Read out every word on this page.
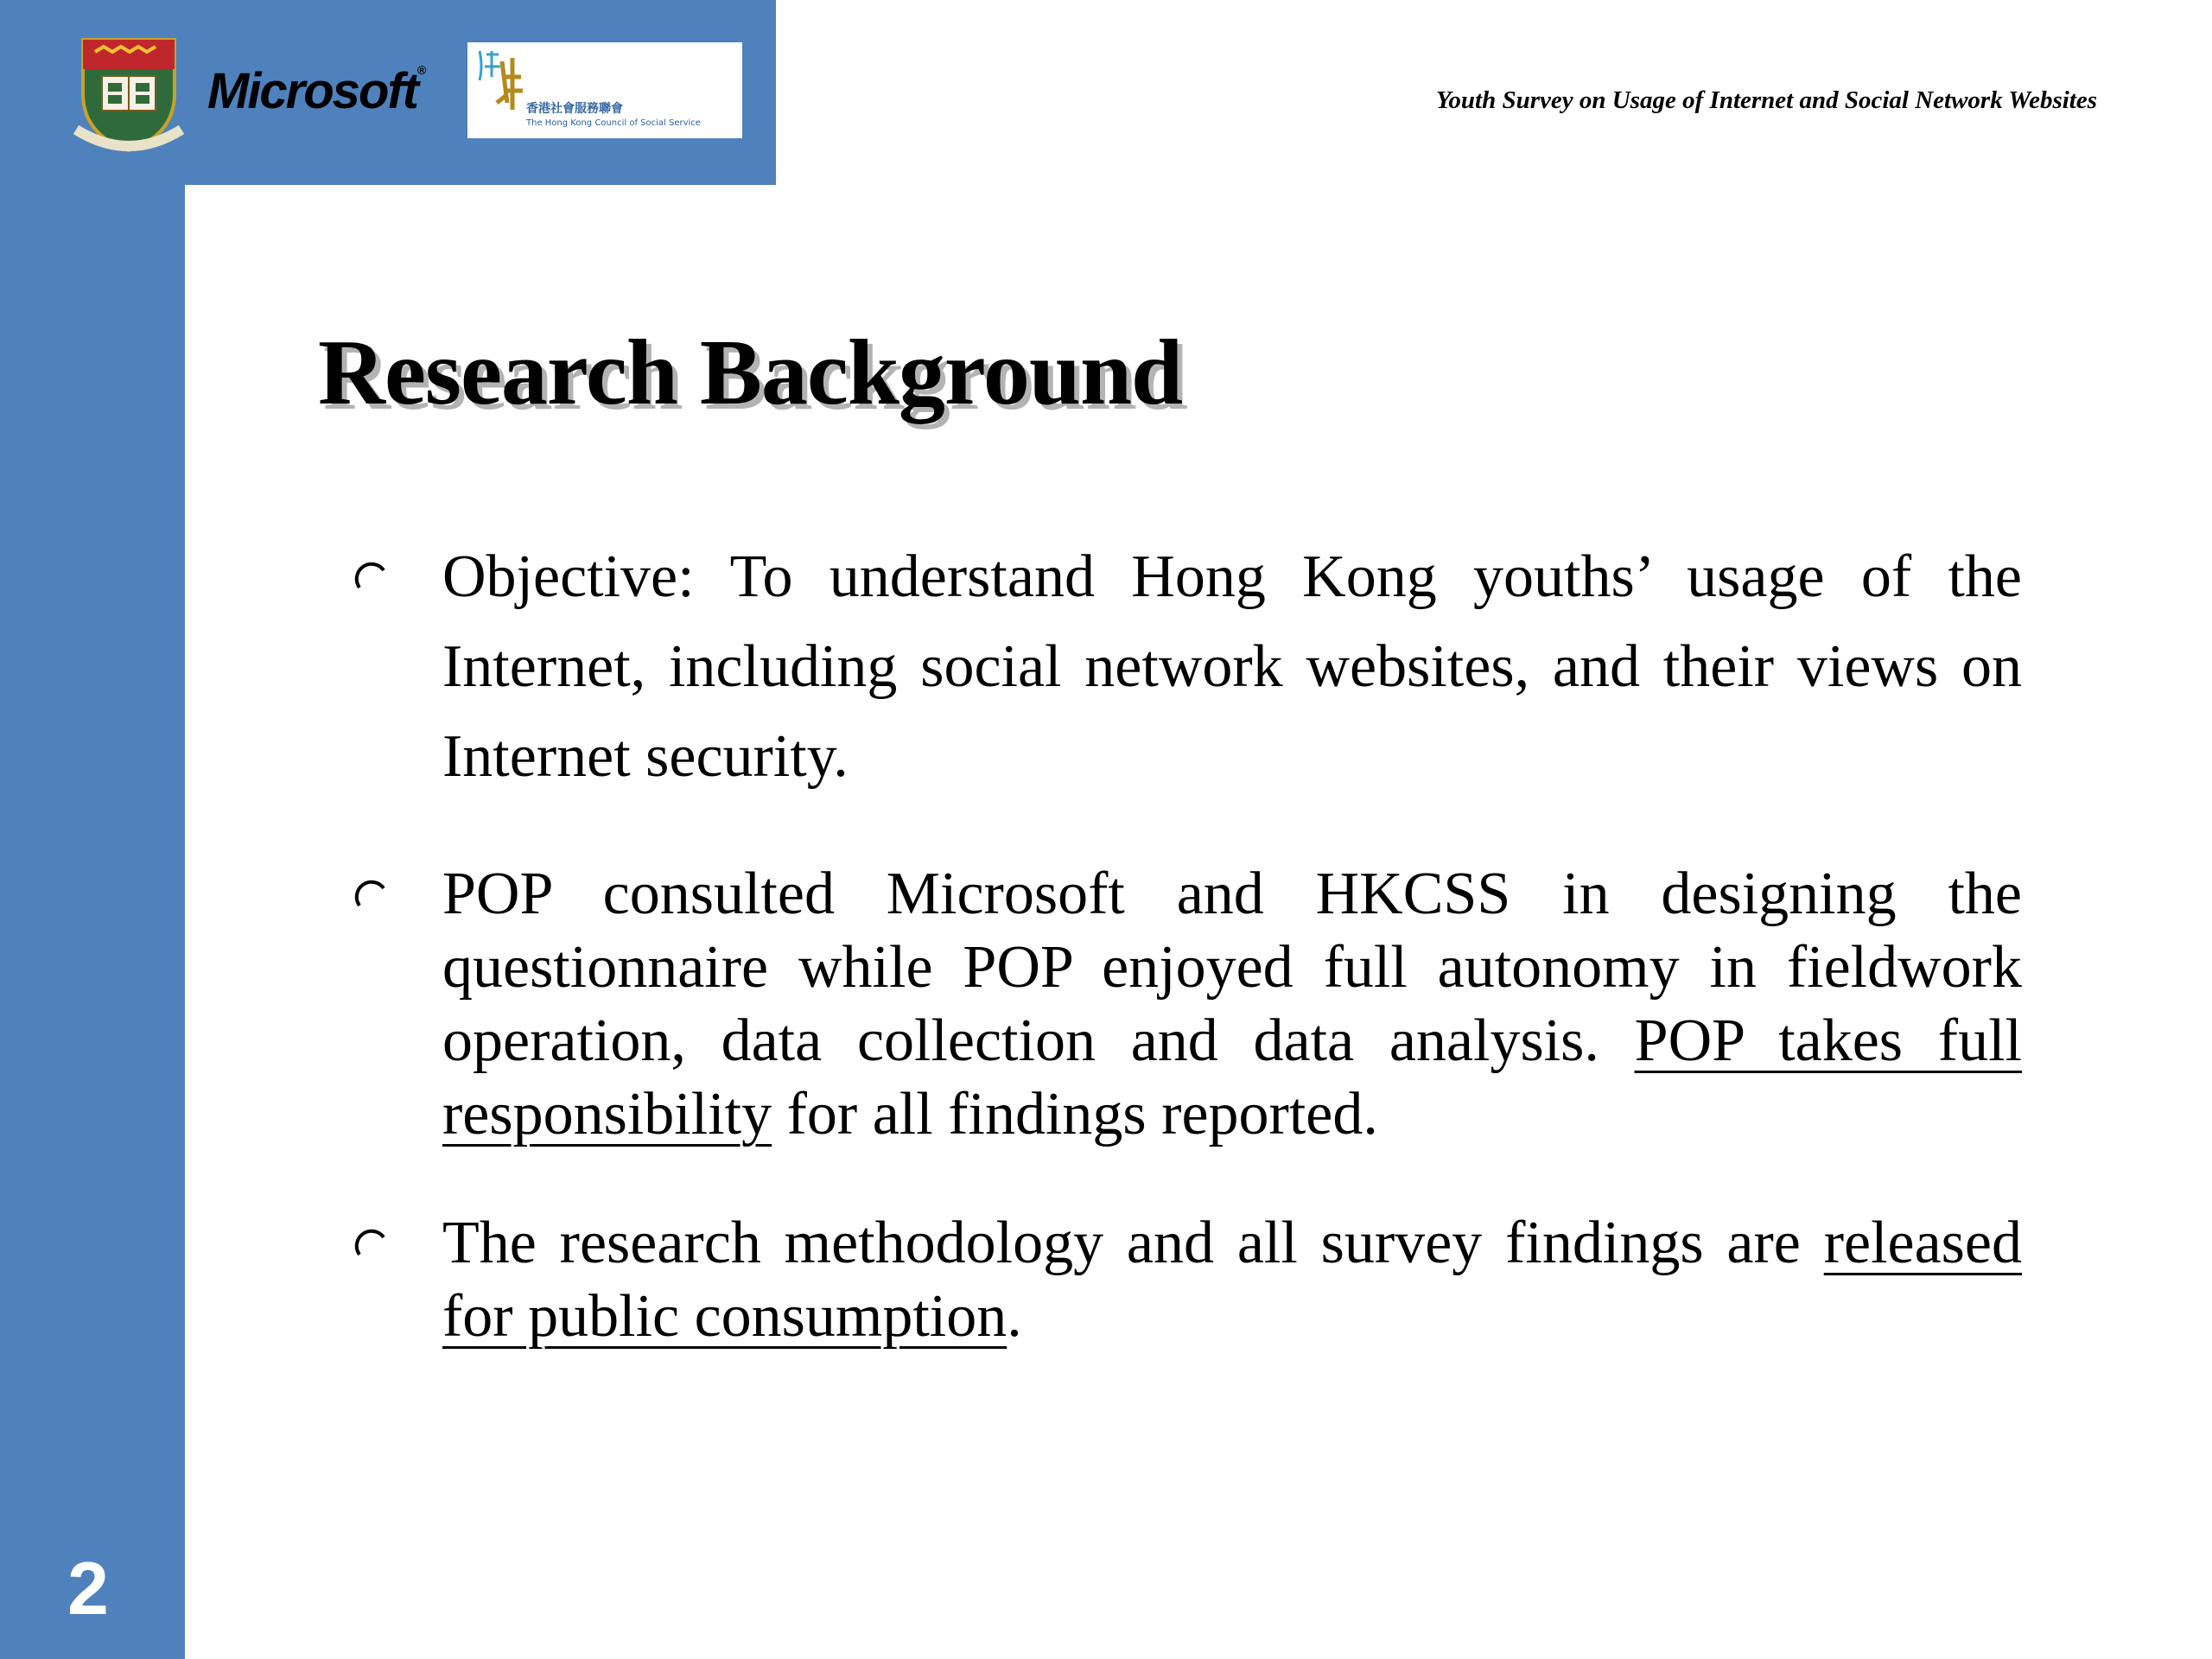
Microsoft®
香港社會服務聯會
The Hong Kong Council of Social Service
Youth Survey on Usage of Internet and Social Network Websites
Research Background
Objective: To understand Hong Kong youths’ usage of the Internet, including social network websites, and their views on Internet security.
POP consulted Microsoft and HKCSS in designing the questionnaire while POP enjoyed full autonomy in fieldwork operation, data collection and data analysis. POP takes full responsibility for all findings reported.
The research methodology and all survey findings are released for public consumption.
2
